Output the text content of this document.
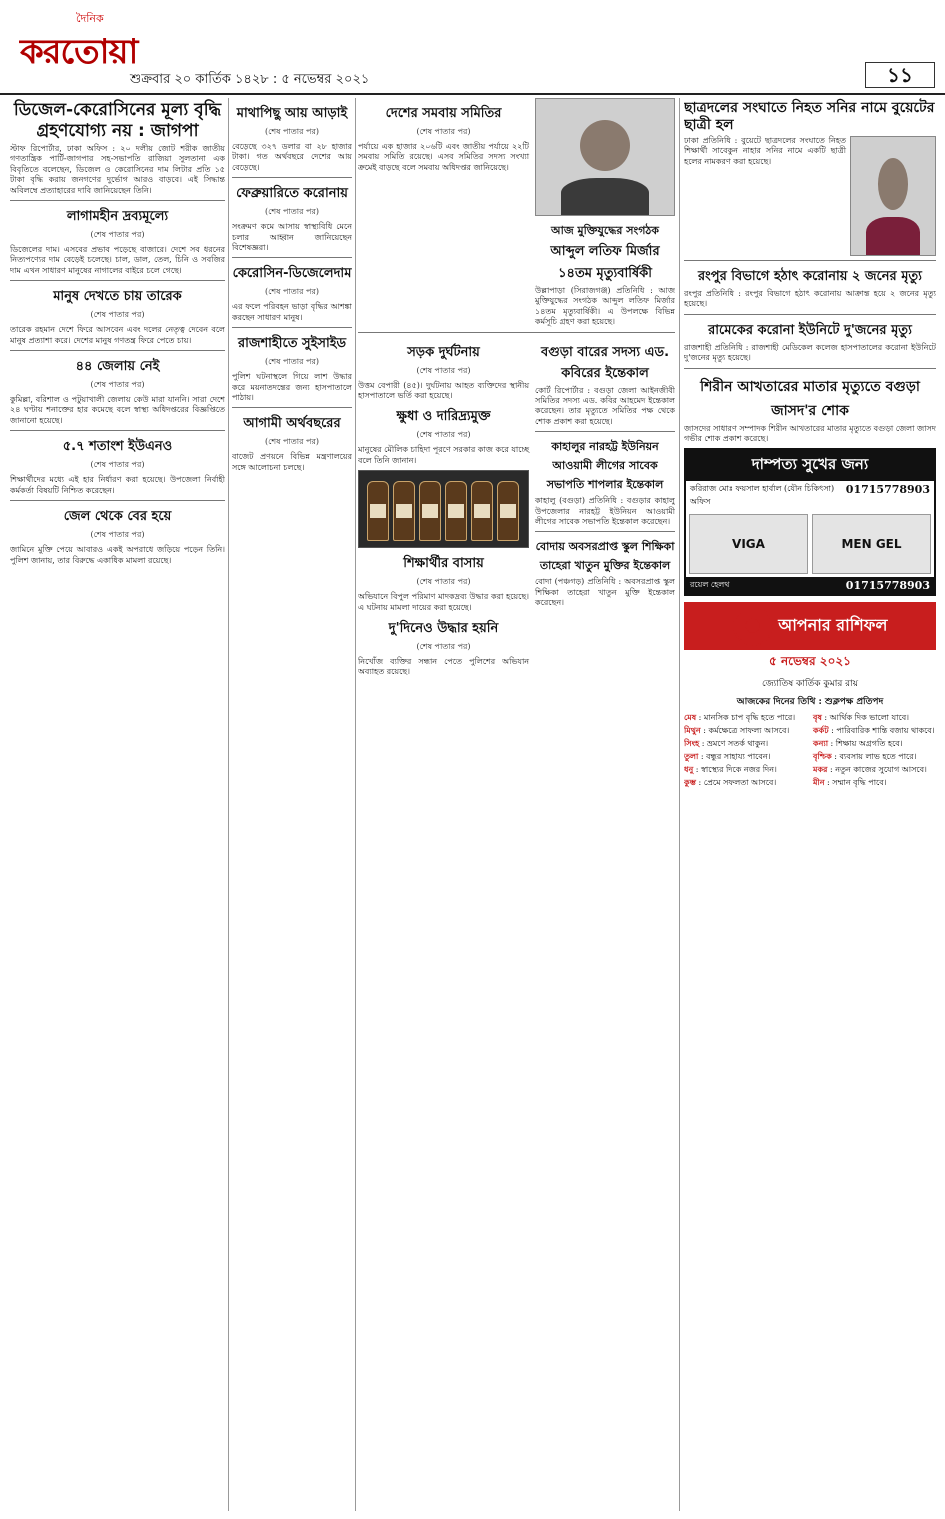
দৈনিক
করতোয়া
শুক্রবার ২০ কার্তিক ১৪২৮ : ৫ নভেম্বর ২০২১	১১
ডিজেল-কেরোসিনের মূল্য বৃদ্ধি গ্রহণযোগ্য নয় : জাগপা

স্টাফ রিপোর্টার, ঢাকা অফিস : ২০ দলীয় জোট শরীক জাতীয় গণতান্ত্রিক পার্টি-জাগপার সহ-সভাপতি রাজিয়া সুলতানা এক বিবৃতিতে বলেছেন, ডিজেল ও কেরোসিনের দাম লিটার প্রতি ১৫ টাকা বৃদ্ধি করায় জনগণের দুর্ভোগ আরও বাড়বে। এই সিদ্ধান্ত অবিলম্বে প্রত্যাহারের দাবি জানিয়েছেন তিনি।

লাগামহীন দ্রব্যমূল্যে
(শেষ পাতার পর)

ডিজেলের দাম। এসবের প্রভাব পড়েছে বাজারে। দেশে সব ধরনের নিত্যপণ্যের দাম বেড়েই চলেছে। চাল, ডাল, তেল, চিনি ও সবজির দাম এখন সাধারণ মানুষের নাগালের বাইরে চলে গেছে।

মানুষ দেখতে চায় তারেক
(শেষ পাতার পর)

তারেক রহমান দেশে ফিরে আসবেন এবং দলের নেতৃত্ব দেবেন বলে মানুষ প্রত্যাশা করে। দেশের মানুষ গণতন্ত্র ফিরে পেতে চায়।

৪৪ জেলায় নেই
(শেষ পাতার পর)

কুমিল্লা, বরিশাল ও পটুয়াখালী জেলায় কেউ মারা যাননি। সারা দেশে ২৪ ঘণ্টায় শনাক্তের হার কমেছে বলে স্বাস্থ্য অধিদপ্তরের বিজ্ঞপ্তিতে জানানো হয়েছে।

৫.৭ শতাংশ ইউএনও
(শেষ পাতার পর)

শিক্ষার্থীদের মধ্যে এই হার নির্ধারণ করা হয়েছে। উপজেলা নির্বাহী কর্মকর্তা বিষয়টি নিশ্চিত করেছেন।

জেল থেকে বের হয়ে
(শেষ পাতার পর)

জামিনে মুক্তি পেয়ে আবারও একই অপরাধে জড়িয়ে পড়েন তিনি। পুলিশ জানায়, তার বিরুদ্ধে একাধিক মামলা রয়েছে।

মাথাপিছু আয় আড়াই
(শেষ পাতার পর)

বেড়েছে ৩২৭ ডলার বা ২৮ হাজার টাকা। গত অর্থবছরে দেশের আয় বেড়েছে।

ফেব্রুয়ারিতে করোনায়
(শেষ পাতার পর)

সংক্রমণ কমে আসায় স্বাস্থ্যবিধি মেনে চলার আহ্বান জানিয়েছেন বিশেষজ্ঞরা।

কেরোসিন-ডিজেলেদাম
(শেষ পাতার পর)

এর ফলে পরিবহন ভাড়া বৃদ্ধির আশঙ্কা করছেন সাধারণ মানুষ।

রাজশাহীতে সুইসাইড
(শেষ পাতার পর)

পুলিশ ঘটনাস্থলে গিয়ে লাশ উদ্ধার করে ময়নাতদন্তের জন্য হাসপাতালে পাঠায়।

আগামী অর্থবছরের
(শেষ পাতার পর)

বাজেট প্রণয়নে বিভিন্ন মন্ত্রণালয়ের সঙ্গে আলোচনা চলছে।

দেশের সমবায় সমিতির
(শেষ পাতার পর)

পর্যায়ে এক হাজার ২০৬টি এবং জাতীয় পর্যায়ে ২২টি সমবায় সমিতি রয়েছে। এসব সমিতির সদস্য সংখ্যা ক্রমেই বাড়ছে বলে সমবায় অধিদপ্তর জানিয়েছে।

আজ মুক্তিযুদ্ধের সংগঠক
আব্দুল লতিফ মির্জার
১৪তম মৃত্যুবার্ষিকী

উল্লাপাড়া (সিরাজগঞ্জ) প্রতিনিধি : আজ মুক্তিযুদ্ধের সংগঠক আব্দুল লতিফ মির্জার ১৪তম মৃত্যুবার্ষিকী। এ উপলক্ষে বিভিন্ন কর্মসূচি গ্রহণ করা হয়েছে।

সড়ক দুর্ঘটনায়
(শেষ পাতার পর)

উত্তম বেপারী (৪৫)। দুর্ঘটনায় আহত ব্যক্তিদের স্থানীয় হাসপাতালে ভর্তি করা হয়েছে।

ক্ষুধা ও দারিদ্র্যমুক্ত
(শেষ পাতার পর)

মানুষের মৌলিক চাহিদা পূরণে সরকার কাজ করে যাচ্ছে বলে তিনি জানান।

শিক্ষার্থীর বাসায়
(শেষ পাতার পর)

অভিযানে বিপুল পরিমাণ মাদকদ্রব্য উদ্ধার করা হয়েছে। এ ঘটনায় মামলা দায়ের করা হয়েছে।

দু'দিনেও উদ্ধার হয়নি
(শেষ পাতার পর)

নিখোঁজ ব্যক্তির সন্ধান পেতে পুলিশের অভিযান অব্যাহত রয়েছে।

বগুড়া বারের সদস্য এড. কবিরের ইন্তেকাল

কোর্ট রিপোর্টার : বগুড়া জেলা আইনজীবী সমিতির সদস্য এড. কবির আহমেদ ইন্তেকাল করেছেন। তার মৃত্যুতে সমিতির পক্ষ থেকে শোক প্রকাশ করা হয়েছে।

কাহালুর নারহট্ট ইউনিয়ন আওয়ামী লীগের সাবেক সভাপতি শাপলার ইন্তেকাল

কাহালু (বগুড়া) প্রতিনিধি : বগুড়ার কাহালু উপজেলার নারহট্ট ইউনিয়ন আওয়ামী লীগের সাবেক সভাপতি ইন্তেকাল করেছেন।

বোদায় অবসরপ্রাপ্ত স্কুল শিক্ষিকা তাহেরা খাতুন মুক্তির ইন্তেকাল

বোদা (পঞ্চগড়) প্রতিনিধি : অবসরপ্রাপ্ত স্কুল শিক্ষিকা তাহেরা খাতুন মুক্তি ইন্তেকাল করেছেন।

ছাত্রদলের সংঘাতে নিহত সনির নামে বুয়েটের ছাত্রী হল

ঢাকা প্রতিনিধি : বুয়েটে ছাত্রদলের সংঘাতে নিহত শিক্ষার্থী সাবেকুন নাহার সনির নামে একটি ছাত্রী হলের নামকরণ করা হয়েছে।

রংপুর বিভাগে হঠাৎ করোনায় ২ জনের মৃত্যু

রংপুর প্রতিনিধি : রংপুর বিভাগে হঠাৎ করোনায় আক্রান্ত হয়ে ২ জনের মৃত্যু হয়েছে।

রামেকের করোনা ইউনিটে দু'জনের মৃত্যু

রাজশাহী প্রতিনিধি : রাজশাহী মেডিকেল কলেজ হাসপাতালের করোনা ইউনিটে দু'জনের মৃত্যু হয়েছে।

শিরীন আখতারের মাতার মৃত্যুতে বগুড়া জাসদ'র শোক

জাসদের সাধারণ সম্পাদক শিরীন আখতারের মাতার মৃত্যুতে বগুড়া জেলা জাসদ গভীর শোক প্রকাশ করেছে।

দাম্পত্য সুখের জন্য
করিরাজ মোঃ ফয়সাল হার্বাল (যৌন চিকিৎসা) অফিস
01715778903
VIGA	MEN GEL
রয়েল হেলথ	01715778903
☉ আপনার রাশিফল
৫ নভেম্বর ২০২১
জ্যোতিষ কার্তিক কুমার রায়
আজকের দিনের তিথি : শুক্লপক্ষ প্রতিপদ
মেষ : মানসিক চাপ বৃদ্ধি হতে পারে।	বৃষ : আর্থিক দিক ভালো যাবে।
মিথুন : কর্মক্ষেত্রে সাফল্য আসবে।	কর্কট : পারিবারিক শান্তি বজায় থাকবে।
সিংহ : ভ্রমণে সতর্ক থাকুন।	কন্যা : শিক্ষায় অগ্রগতি হবে।
তুলা : বন্ধুর সাহায্য পাবেন।	বৃশ্চিক : ব্যবসায় লাভ হতে পারে।
ধনু : স্বাস্থ্যের দিকে নজর দিন।	মকর : নতুন কাজের সুযোগ আসবে।
কুম্ভ : প্রেমে সফলতা আসবে।	মীন : সম্মান বৃদ্ধি পাবে।
